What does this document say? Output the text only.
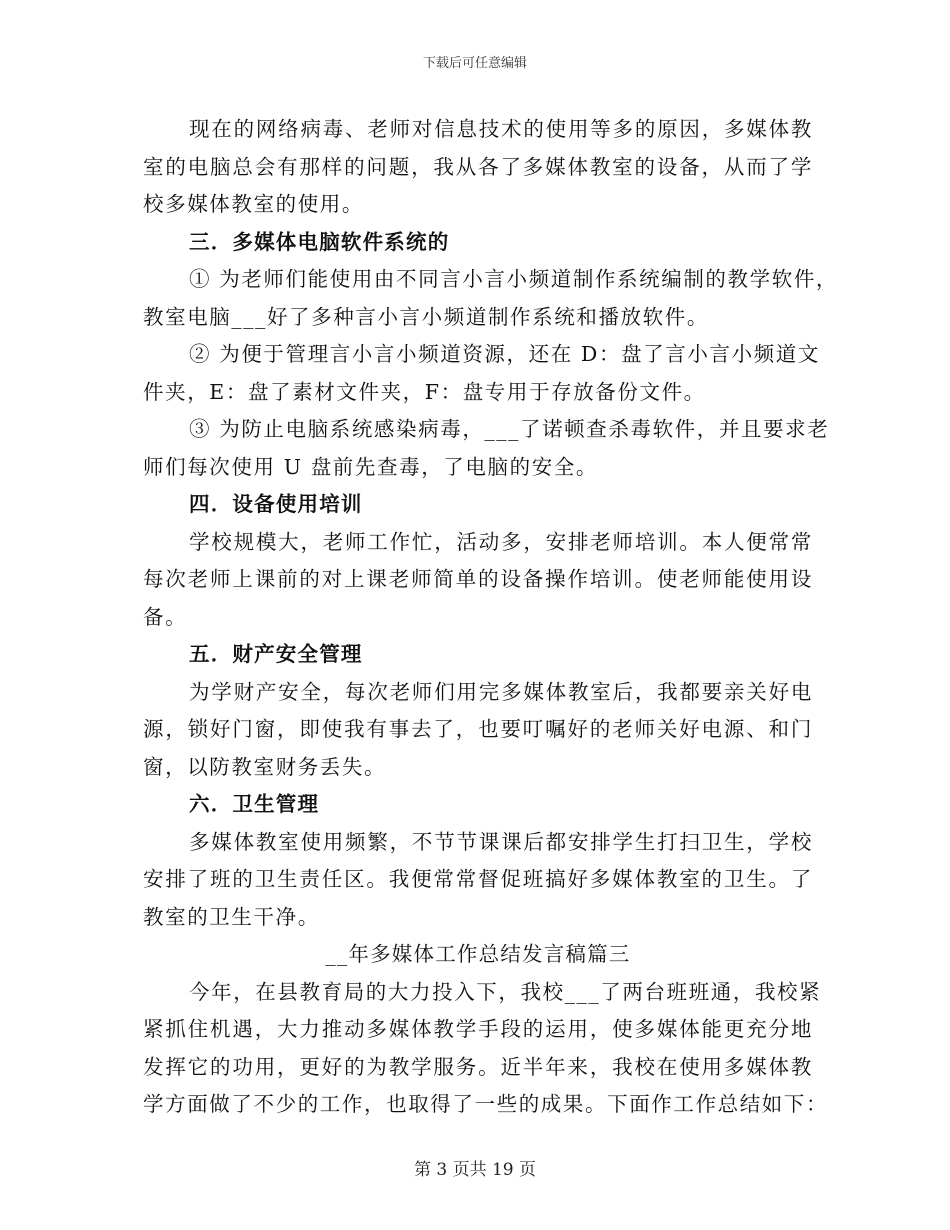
下载后可任意编辑
现在的网络病毒、老师对信息技术的使用等多的原因，多媒体教
室的电脑总会有那样的问题，我从各了多媒体教室的设备，从而了学
校多媒体教室的使用。
三．多媒体电脑软件系统的
① 为老师们能使用由不同言小言小频道制作系统编制的教学软件，
教室电脑___好了多种言小言小频道制作系统和播放软件。
② 为便于管理言小言小频道资源，还在 D：盘了言小言小频道文
件夹，E：盘了素材文件夹，F：盘专用于存放备份文件。
③ 为防止电脑系统感染病毒，___了诺顿查杀毒软件，并且要求老
师们每次使用 U 盘前先查毒，了电脑的安全。
四．设备使用培训
学校规模大，老师工作忙，活动多，安排老师培训。本人便常常
每次老师上课前的对上课老师简单的设备操作培训。使老师能使用设
备。
五．财产安全管理
为学财产安全，每次老师们用完多媒体教室后，我都要亲关好电
源，锁好门窗，即使我有事去了，也要叮嘱好的老师关好电源、和门
窗，以防教室财务丢失。
六．卫生管理
多媒体教室使用频繁，不节节课课后都安排学生打扫卫生，学校
安排了班的卫生责任区。我便常常督促班搞好多媒体教室的卫生。了
教室的卫生干净。
__年多媒体工作总结发言稿篇三
今年，在县教育局的大力投入下，我校___了两台班班通，我校紧
紧抓住机遇，大力推动多媒体教学手段的运用，使多媒体能更充分地
发挥它的功用，更好的为教学服务。近半年来，我校在使用多媒体教
学方面做了不少的工作，也取得了一些的成果。下面作工作总结如下：
第 3 页共 19 页
